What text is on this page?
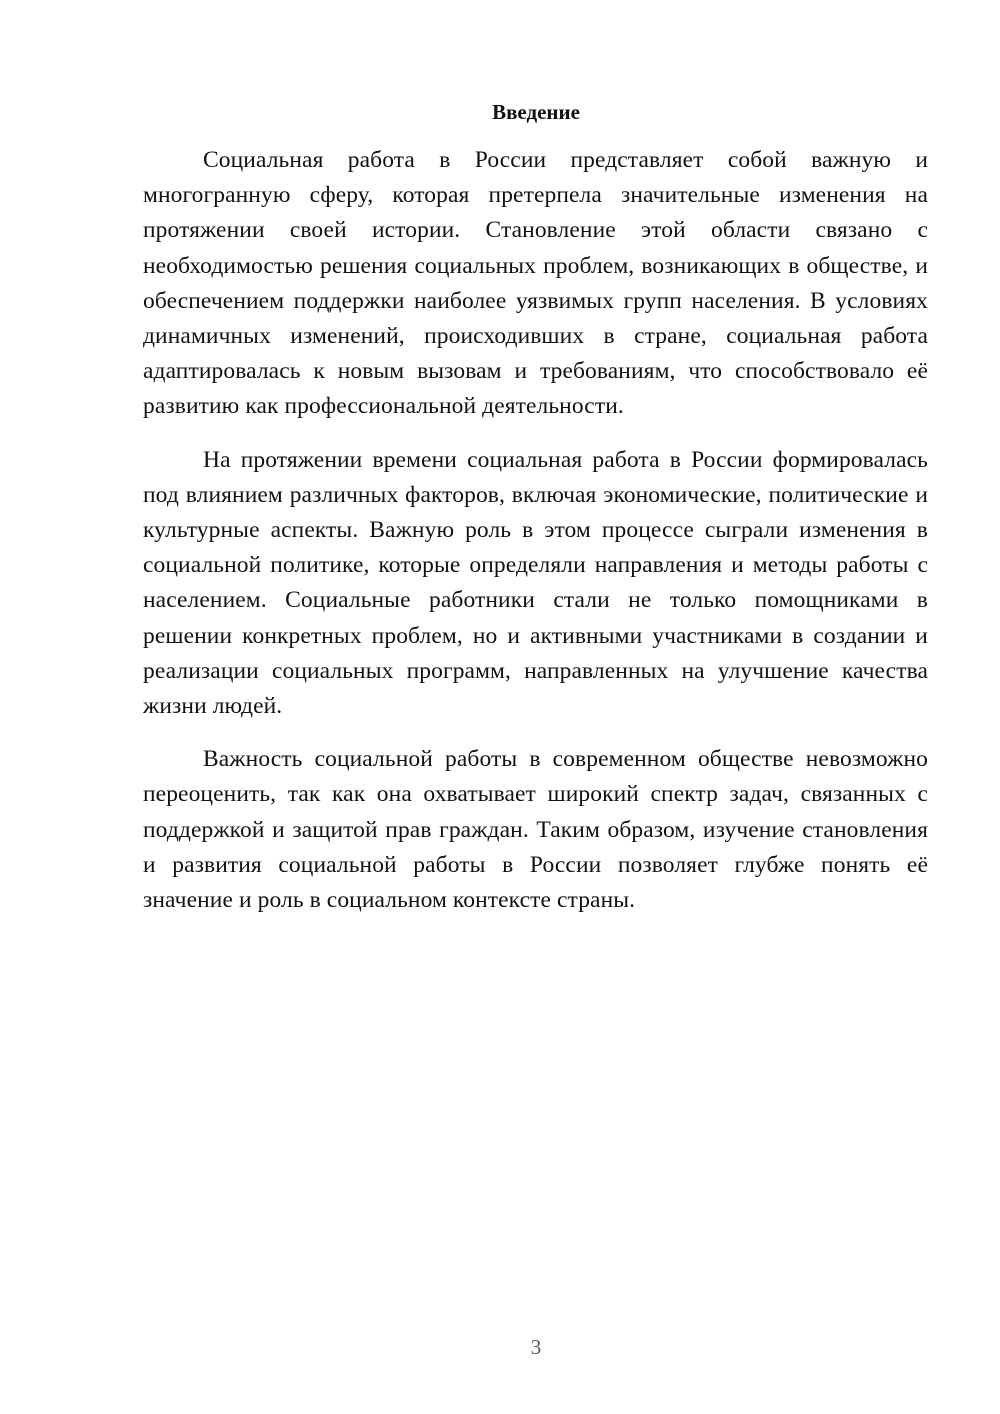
Введение

Социальная работа в России представляет собой важную и многогранную сферу, которая претерпела значительные изменения на протяжении своей истории. Становление этой области связано с необходимостью решения социальных проблем, возникающих в обществе, и обеспечением поддержки наиболее уязвимых групп населения. В условиях динамичных изменений, происходивших в стране, социальная работа адаптировалась к новым вызовам и требованиям, что способствовало её развитию как профессиональной деятельности.

На протяжении времени социальная работа в России формировалась под влиянием различных факторов, включая экономические, политические и культурные аспекты. Важную роль в этом процессе сыграли изменения в социальной политике, которые определяли направления и методы работы с населением. Социальные работники стали не только помощниками в решении конкретных проблем, но и активными участниками в создании и реализации социальных программ, направленных на улучшение качества жизни людей.

Важность социальной работы в современном обществе невозможно переоценить, так как она охватывает широкий спектр задач, связанных с поддержкой и защитой прав граждан. Таким образом, изучение становления и развития социальной работы в России позволяет глубже понять её значение и роль в социальном контексте страны.

3
